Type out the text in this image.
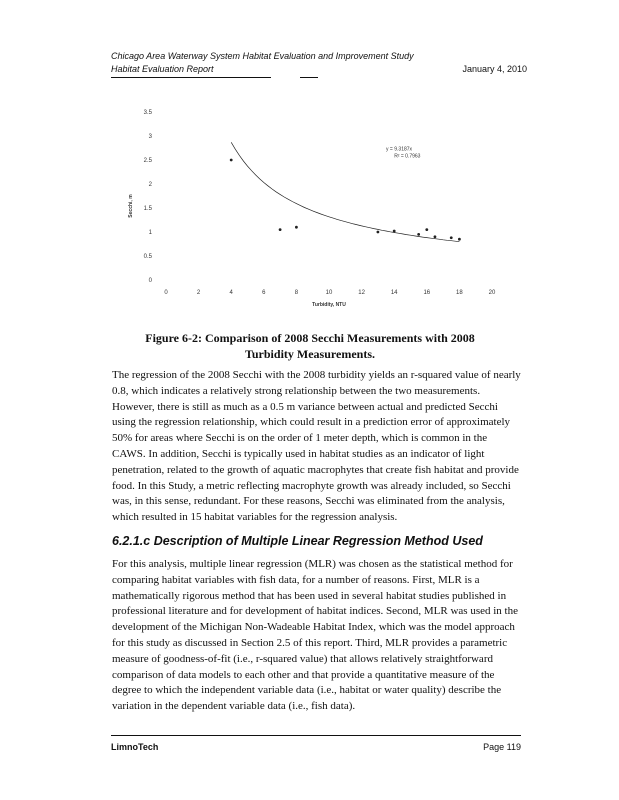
Chicago Area Waterway System Habitat Evaluation and Improvement Study
Habitat Evaluation Report	January 4, 2010
0	2	4	6	8	10	12	14	16	18	20
0
0.5
1
1.5
2
2.5
3
3.5
Turbidity, NTU
Secchi, m
y = 9.3187x
R² = 0.7963
Figure 6-2: Comparison of 2008 Secchi Measurements with 2008 Turbidity Measurements.

The regression of the 2008 Secchi with the 2008 turbidity yields an r-squared value of nearly 0.8, which indicates a relatively strong relationship between the two measurements. However, there is still as much as a 0.5 m variance between actual and predicted Secchi using the regression relationship, which could result in a prediction error of approximately 50% for areas where Secchi is on the order of 1 meter depth, which is common in the CAWS. In addition, Secchi is typically used in habitat studies as an indicator of light penetration, related to the growth of aquatic macrophytes that create fish habitat and provide food. In this Study, a metric reflecting macrophyte growth was already included, so Secchi was, in this sense, redundant. For these reasons, Secchi was eliminated from the analysis, which resulted in 15 habitat variables for the regression analysis.

6.2.1.c Description of Multiple Linear Regression Method Used

For this analysis, multiple linear regression (MLR) was chosen as the statistical method for comparing habitat variables with fish data, for a number of reasons. First, MLR is a mathematically rigorous method that has been used in several habitat studies published in professional literature and for development of habitat indices. Second, MLR was used in the development of the Michigan Non-Wadeable Habitat Index, which was the model approach for this study as discussed in Section 2.5 of this report. Third, MLR provides a parametric measure of goodness-of-fit (i.e., r-squared value) that allows relatively straightforward comparison of data models to each other and that provide a quantitative measure of the degree to which the independent variable data (i.e., habitat or water quality) describe the variation in the dependent variable data (i.e., fish data).

LimnoTech	Page 119
